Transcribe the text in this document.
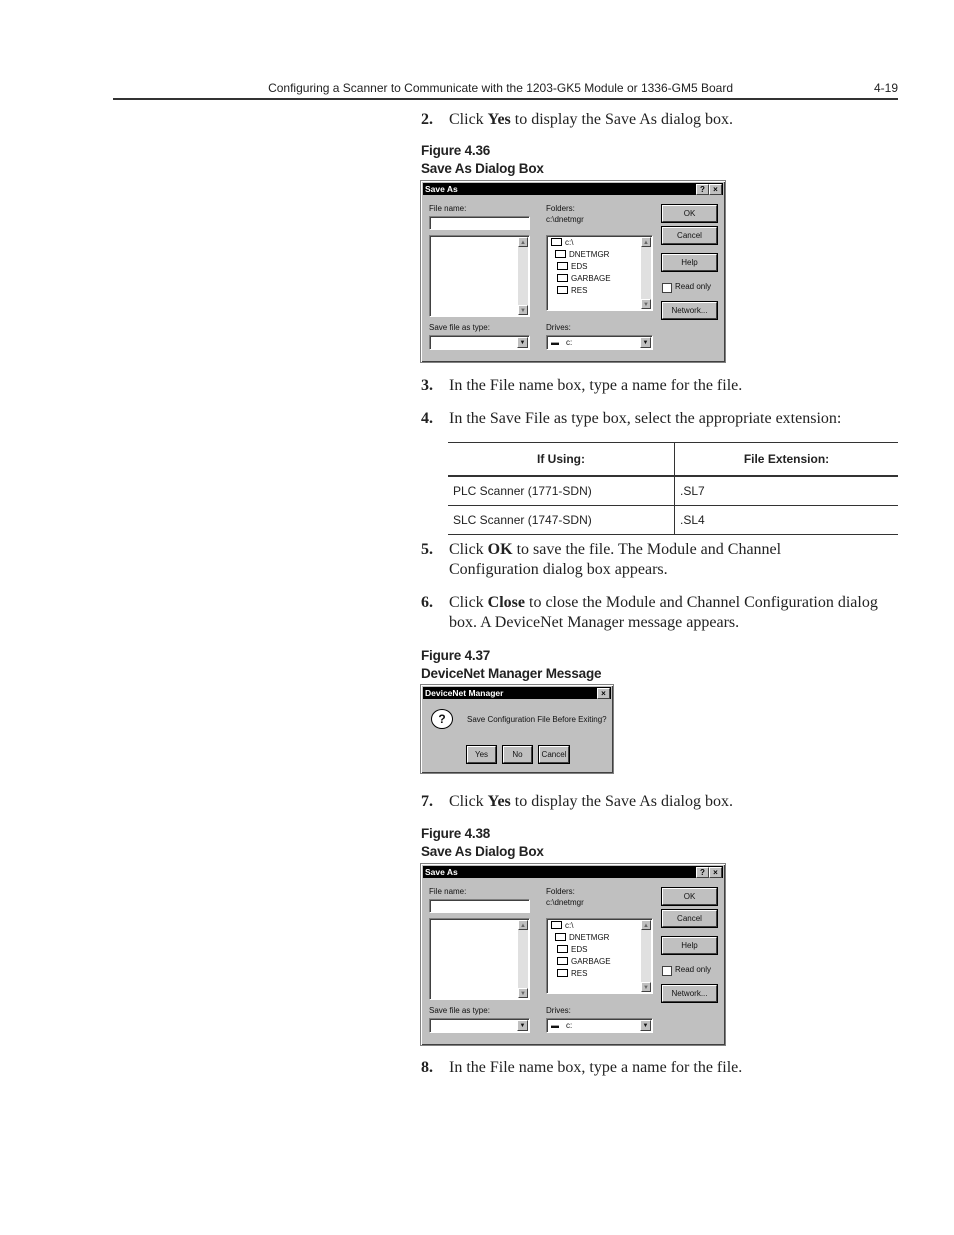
Configuring a Scanner to Communicate with the 1203-GK5 Module or 1336-GM5 Board	4-19
2. Click Yes to display the Save As dialog box.
Figure 4.36
Save As Dialog Box
Save As	?	×
File name:
▲
▼
Save file as type:
▼
Folders:
c:\dnetmgr
c:\
DNETMGR
EDS
GARBAGE
RES
▲
▼
Drives:
▬ c:	▼
OK
Cancel
Help
Read only
Network...
3. In the File name box, type a name for the file.
4. In the Save File as type box, select the appropriate extension:
If Using:	File Extension:
PLC Scanner (1771-SDN)	.SL7
SLC Scanner (1747-SDN)	.SL4
5. Click OK to save the file. The Module and Channel Configuration dialog box appears.
6. Click Close to close the Module and Channel Configuration dialog box. A DeviceNet Manager message appears.
Figure 4.37
DeviceNet Manager Message
DeviceNet Manager	×
?	Save Configuration File Before Exiting?
Yes	No	Cancel
7. Click Yes to display the Save As dialog box.
Figure 4.38
Save As Dialog Box
Save As	?	×
File name:
▲
▼
Save file as type:
▼
Folders:
c:\dnetmgr
c:\
DNETMGR
EDS
GARBAGE
RES
▲
▼
Drives:
▬ c:	▼
OK
Cancel
Help
Read only
Network...
8. In the File name box, type a name for the file.
